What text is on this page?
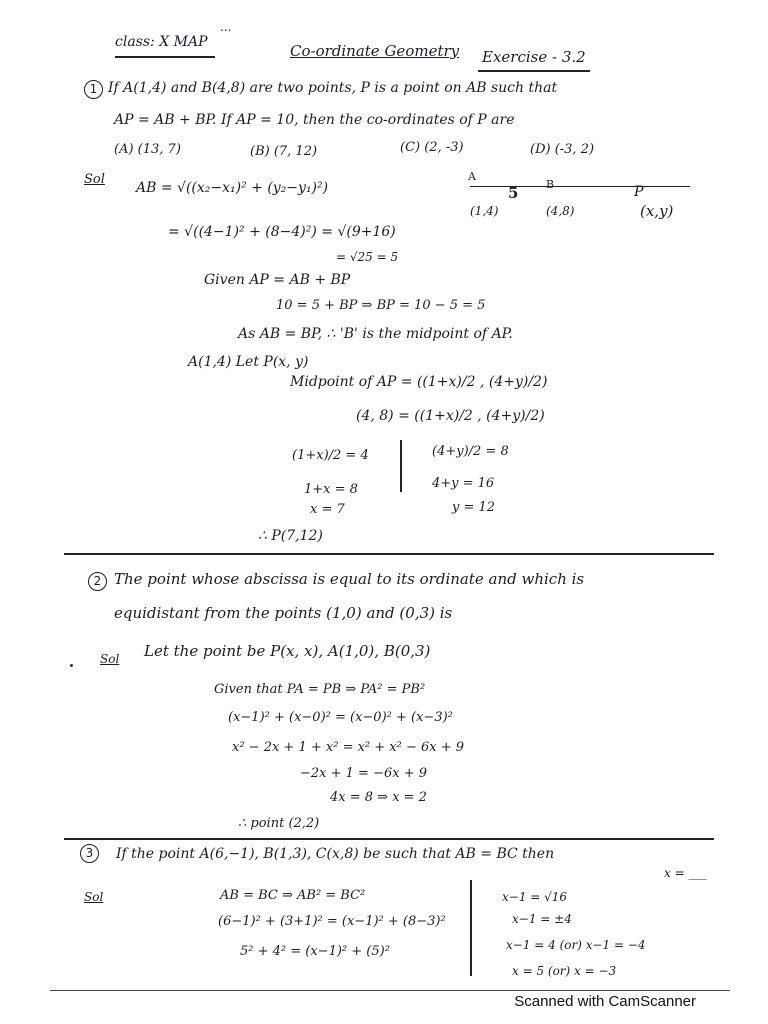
class: X MAP
...
Co-ordinate Geometry Exercise - 3.2
1 If A(1,4) and B(4,8) are two points, P is a point on AB such that
AP = AB + BP. If AP = 10, then the co-ordinates of P are
(A) (13, 7)	(B) (7, 12)	(C) (2, -3)	(D) (-3, 2)
Sol
AB = √((x₂−x₁)² + (y₂−y₁)²)
= √((4−1)² + (8−4)²) = √(9+16)
= √25 = 5
Given AP = AB + BP
10 = 5 + BP ⇒ BP = 10 − 5 = 5
As AB = BP, ∴ 'B' is the midpoint of AP.
A(1,4) Let P(x, y)
Midpoint of AP = ((1+x)/2 , (4+y)/2)
(4, 8) = ((1+x)/2 , (4+y)/2)
(1+x)/2 = 4
1+x = 8
x = 7
(4+y)/2 = 8
4+y = 16
y = 12
∴ P(7,12)
A
5	B	P
(1,4)	(4,8)	(x,y)
2 The point whose abscissa is equal to its ordinate and which is
equidistant from the points (1,0) and (0,3) is
Sol Let the point be P(x, x), A(1,0), B(0,3)
Given that PA = PB ⇒ PA² = PB²
(x−1)² + (x−0)² = (x−0)² + (x−3)²
x² − 2x + 1 + x² = x² + x² − 6x + 9
−2x + 1 = −6x + 9
4x = 8 ⇒ x = 2
∴ point (2,2)
3	If the point A(6,−1), B(1,3), C(x,8) be such that AB = BC then
x = ___
Sol	AB = BC ⇒ AB² = BC²
(6−1)² + (3+1)² = (x−1)² + (8−3)²
5² + 4² = (x−1)² + (5)²
x−1 = √16
x−1 = ±4
x−1 = 4 (or) x−1 = −4
x = 5 (or) x = −3
Scanned with CamScanner
